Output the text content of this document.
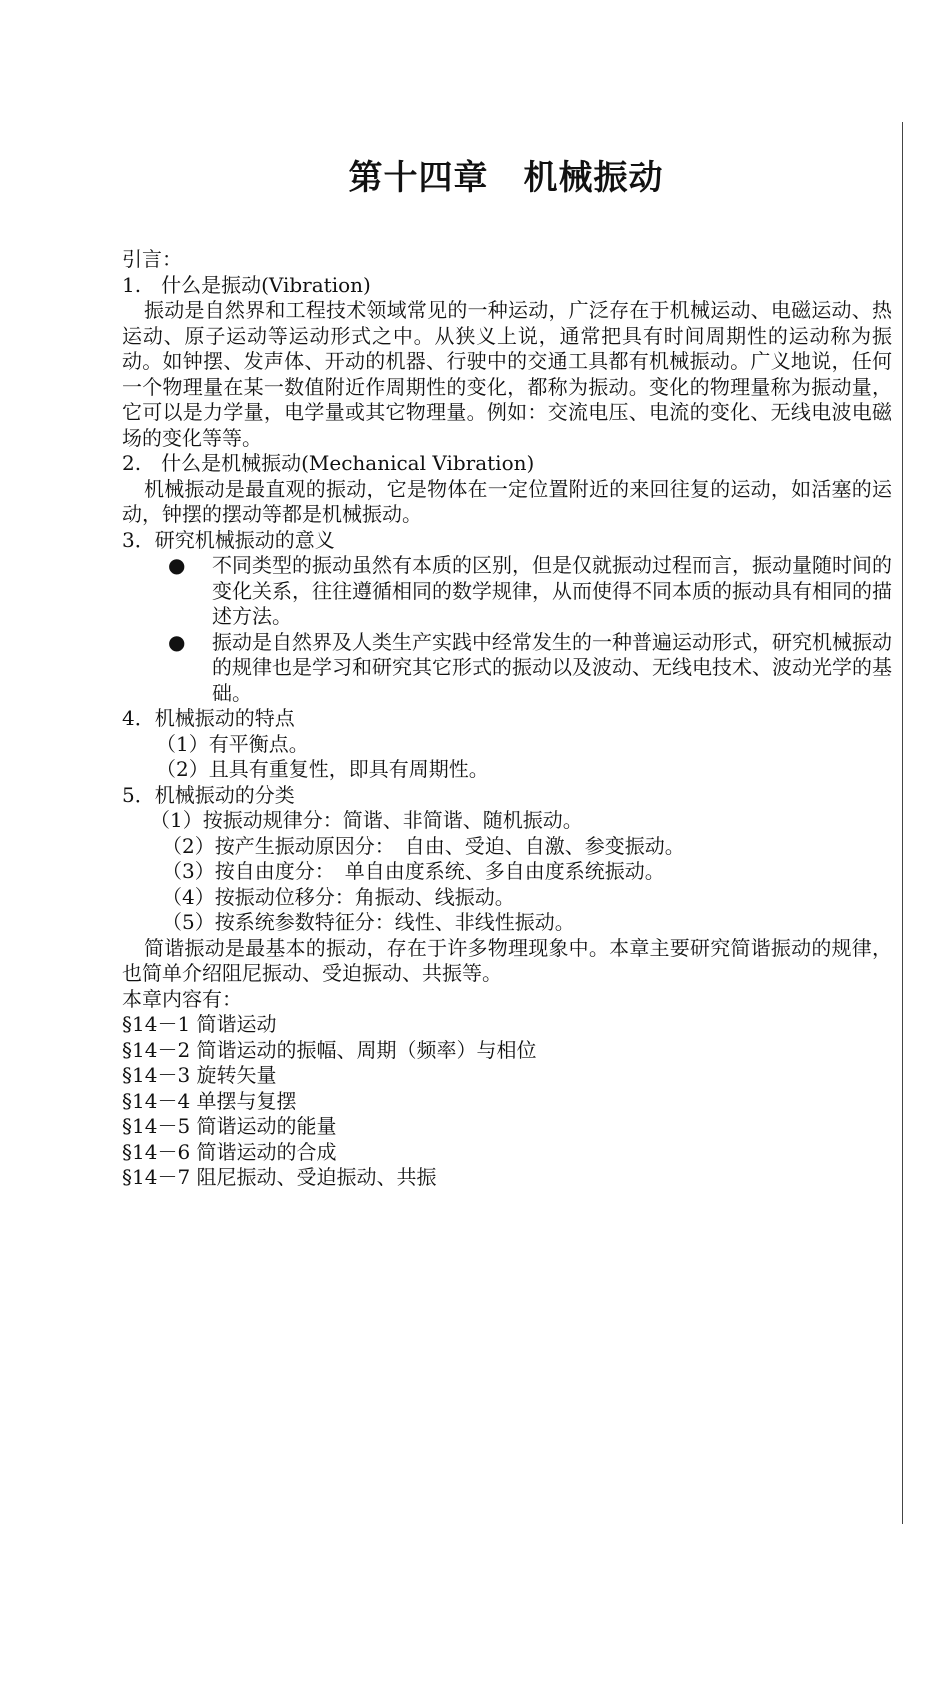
第十四章　机械振动
引言：
1.　什么是振动(Vibration)
振动是自然界和工程技术领域常见的一种运动，广泛存在于机械运动、电磁运动、热运动、原子运动等运动形式之中。从狭义上说，通常把具有时间周期性的运动称为振动。如钟摆、发声体、开动的机器、行驶中的交通工具都有机械振动。广义地说，任何一个物理量在某一数值附近作周期性的变化，都称为振动。变化的物理量称为振动量，它可以是力学量，电学量或其它物理量。例如：交流电压、电流的变化、无线电波电磁场的变化等等。
2.　什么是机械振动(Mechanical Vibration)
机械振动是最直观的振动，它是物体在一定位置附近的来回往复的运动，如活塞的运动，钟摆的摆动等都是机械振动。
3．研究机械振动的意义
● 不同类型的振动虽然有本质的区别，但是仅就振动过程而言，振动量随时间的变化关系，往往遵循相同的数学规律，从而使得不同本质的振动具有相同的描述方法。
● 振动是自然界及人类生产实践中经常发生的一种普遍运动形式，研究机械振动的规律也是学习和研究其它形式的振动以及波动、无线电技术、波动光学的基础。
4．机械振动的特点
（1）有平衡点。
（2）且具有重复性，即具有周期性。
5．机械振动的分类
（1）按振动规律分：简谐、非简谐、随机振动。
（2）按产生振动原因分：　自由、受迫、自激、参变振动。
（3）按自由度分：　单自由度系统、多自由度系统振动。
（4）按振动位移分：角振动、线振动。
（5）按系统参数特征分：线性、非线性振动。
简谐振动是最基本的振动，存在于许多物理现象中。本章主要研究简谐振动的规律，也简单介绍阻尼振动、受迫振动、共振等。
本章内容有：
§14－1 简谐运动
§14－2 简谐运动的振幅、周期（频率）与相位
§14－3 旋转矢量
§14－4 单摆与复摆
§14－5 简谐运动的能量
§14－6 简谐运动的合成
§14－7 阻尼振动、受迫振动、共振
